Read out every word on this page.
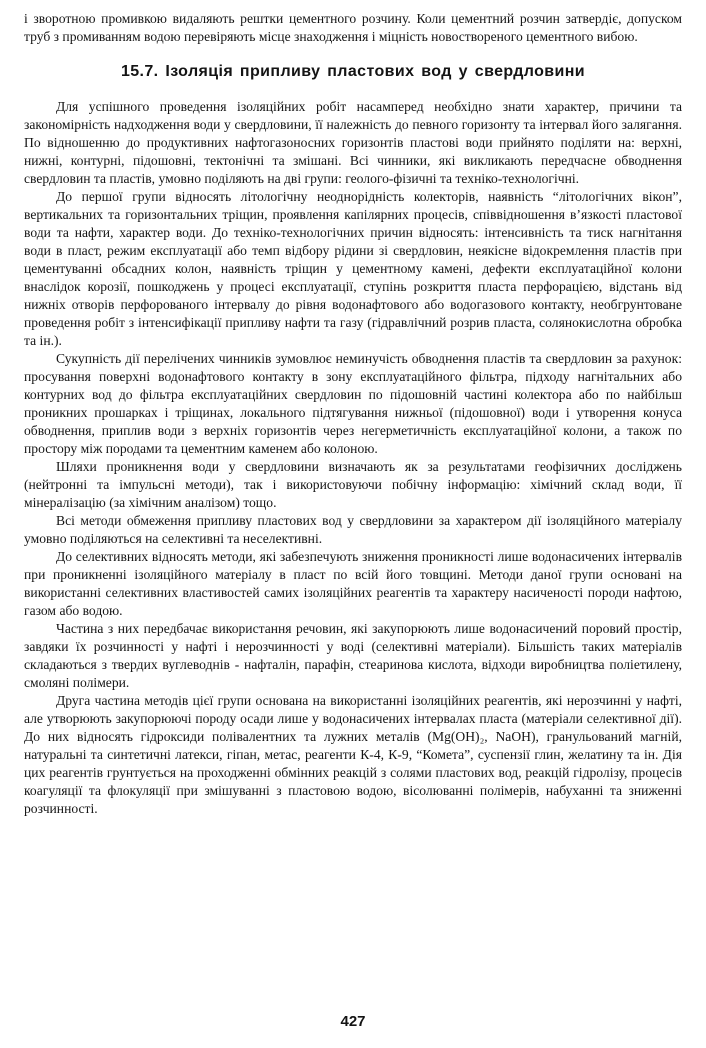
і зворотною промивкою видаляють рештки цементного розчину. Коли цементний розчин затвердіє, допуском труб з промиванням водою перевіряють місце знаходження і міцність новоствореного цементного вибою.

15.7. Ізоляція припливу пластових вод у свердловини

Для успішного проведення ізоляційних робіт насамперед необхідно знати характер, причини та закономірність надходження води у свердловини, її належність до певного горизонту та інтервал його залягання. По відношенню до продуктивних нафтогазоносних горизонтів пластові води прийнято поділяти на: верхні, нижні, контурні, підошовні, тектонічні та змішані. Всі чинники, які викликають передчасне обводнення свердловин та пластів, умовно поділяють на дві групи: геолого-фізичні та техніко-технологічні.

До першої групи відносять літологічну неоднорідність колекторів, наявність “літологічних вікон”, вертикальних та горизонтальних тріщин, проявлення капілярних процесів, співвідношення в’язкості пластової води та нафти, характер води. До техніко-технологічних причин відносять: інтенсивність та тиск нагнітання води в пласт, режим експлуатації або темп відбору рідини зі свердловин, неякісне відокремлення пластів при цементуванні обсадних колон, наявність тріщин у цементному камені, дефекти експлуатаційної колони внаслідок корозії, пошкоджень у процесі експлуатації, ступінь розкриття пласта перфорацією, відстань від нижніх отворів перфорованого інтервалу до рівня водонафтового або водогазового контакту, необгрунтоване проведення робіт з інтенсифікації припливу нафти та газу (гідравлічний розрив пласта, солянокислотна обробка та ін.).

Сукупність дії перелічених чинників зумовлює неминучість обводнення пластів та свердловин за рахунок: просування поверхні водонафтового контакту в зону експлуатаційного фільтра, підходу нагнітальних або контурних вод до фільтра експлуатаційних свердловин по підошовній частині колектора або по найбільш проникних прошарках і тріщинах, локального підтягування нижньої (підошовної) води і утворення конуса обводнення, приплив води з верхніх горизонтів через негерметичність експлуатаційної колони, а також по простору між породами та цементним каменем або колоною.

Шляхи проникнення води у свердловини визначають як за результатами геофізичних досліджень (нейтронні та імпульсні методи), так і використовуючи побічну інформацію: хімічний склад води, її мінералізацію (за хімічним аналізом) тощо.

Всі методи обмеження припливу пластових вод у свердловини за характером дії ізоляційного матеріалу умовно поділяються на селективні та неселективні.

До селективних відносять методи, які забезпечують зниження проникності лише водонасичених інтервалів при проникненні ізоляційного матеріалу в пласт по всій його товщині. Методи даної групи основані на використанні селективних властивостей самих ізоляційних реагентів та характеру насиченості породи нафтою, газом або водою.

Частина з них передбачає використання речовин, які закупорюють лише водонасичений поровий простір, завдяки їх розчинності у нафті і нерозчинності у воді (селективні матеріали). Більшість таких матеріалів складаються з твердих вуглеводнів - нафталін, парафін, стеаринова кислота, відходи виробництва поліетилену, смоляні полімери.

Друга частина методів цієї групи основана на використанні ізоляційних реагентів, які нерозчинні у нафті, але утворюють закупорюючі породу осади лише у водонасичених інтервалах пласта (матеріали селективної дії). До них відносять гідроксиди полівалентних та лужних металів (Mg(OH)₂, NaOH), гранульований магній, натуральні та синтетичні латекси, гіпан, метас, реагенти К-4, К-9, “Комета”, суспензії глин, желатину та ін. Дія цих реагентів грунтується на проходженні обмінних реакцій з солями пластових вод, реакцій гідролізу, процесів коагуляції та флокуляції при змішуванні з пластовою водою, вісолюванні полімерів, набуханні та зниженні розчинності.

427
